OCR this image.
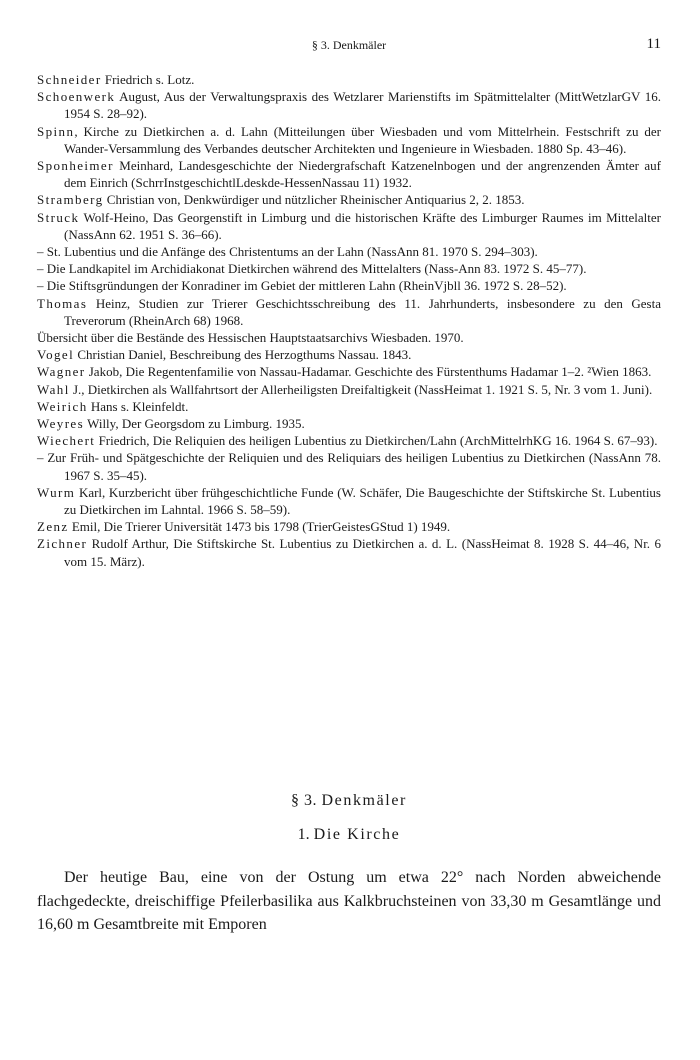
§ 3. Denkmäler	11
Schneider Friedrich s. Lotz.
Schoenwerk August, Aus der Verwaltungspraxis des Wetzlarer Marienstifts im Spätmittelalter (MittWetzlarGV 16. 1954 S. 28–92).
Spinn, Kirche zu Dietkirchen a. d. Lahn (Mitteilungen über Wiesbaden und vom Mittelrhein. Festschrift zu der Wander-Versammlung des Verbandes deutscher Architekten und Ingenieure in Wiesbaden. 1880 Sp. 43–46).
Sponheimer Meinhard, Landesgeschichte der Niedergrafschaft Katzenelnbogen und der angrenzenden Ämter auf dem Einrich (SchrrInstgeschichtlLdeskde-HessenNassau 11) 1932.
Stramberg Christian von, Denkwürdiger und nützlicher Rheinischer Antiquarius 2, 2. 1853.
Struck Wolf-Heino, Das Georgenstift in Limburg und die historischen Kräfte des Limburger Raumes im Mittelalter (NassAnn 62. 1951 S. 36–66).
– St. Lubentius und die Anfänge des Christentums an der Lahn (NassAnn 81. 1970 S. 294–303).
– Die Landkapitel im Archidiakonat Dietkirchen während des Mittelalters (Nass-Ann 83. 1972 S. 45–77).
– Die Stiftsgründungen der Konradiner im Gebiet der mittleren Lahn (RheinVjbll 36. 1972 S. 28–52).
Thomas Heinz, Studien zur Trierer Geschichtsschreibung des 11. Jahrhunderts, insbesondere zu den Gesta Treverorum (RheinArch 68) 1968.
Übersicht über die Bestände des Hessischen Hauptstaatsarchivs Wiesbaden. 1970.
Vogel Christian Daniel, Beschreibung des Herzogthums Nassau. 1843.
Wagner Jakob, Die Regentenfamilie von Nassau-Hadamar. Geschichte des Fürstenthums Hadamar 1–2. ²Wien 1863.
Wahl J., Dietkirchen als Wallfahrtsort der Allerheiligsten Dreifaltigkeit (NassHeimat 1. 1921 S. 5, Nr. 3 vom 1. Juni).
Weirich Hans s. Kleinfeldt.
Weyres Willy, Der Georgsdom zu Limburg. 1935.
Wiechert Friedrich, Die Reliquien des heiligen Lubentius zu Dietkirchen/Lahn (ArchMittelrhKG 16. 1964 S. 67–93).
– Zur Früh- und Spätgeschichte der Reliquien und des Reliquiars des heiligen Lubentius zu Dietkirchen (NassAnn 78. 1967 S. 35–45).
Wurm Karl, Kurzbericht über frühgeschichtliche Funde (W. Schäfer, Die Baugeschichte der Stiftskirche St. Lubentius zu Dietkirchen im Lahntal. 1966 S. 58–59).
Zenz Emil, Die Trierer Universität 1473 bis 1798 (TrierGeistesGStud 1) 1949.
Zichner Rudolf Arthur, Die Stiftskirche St. Lubentius zu Dietkirchen a. d. L. (NassHeimat 8. 1928 S. 44–46, Nr. 6 vom 15. März).
§ 3. Denkmäler
1. Die Kirche

Der heutige Bau, eine von der Ostung um etwa 22° nach Norden abweichende flachgedeckte, dreischiffige Pfeilerbasilika aus Kalkbruchsteinen von 33,30 m Gesamtlänge und 16,60 m Gesamtbreite mit Emporen
